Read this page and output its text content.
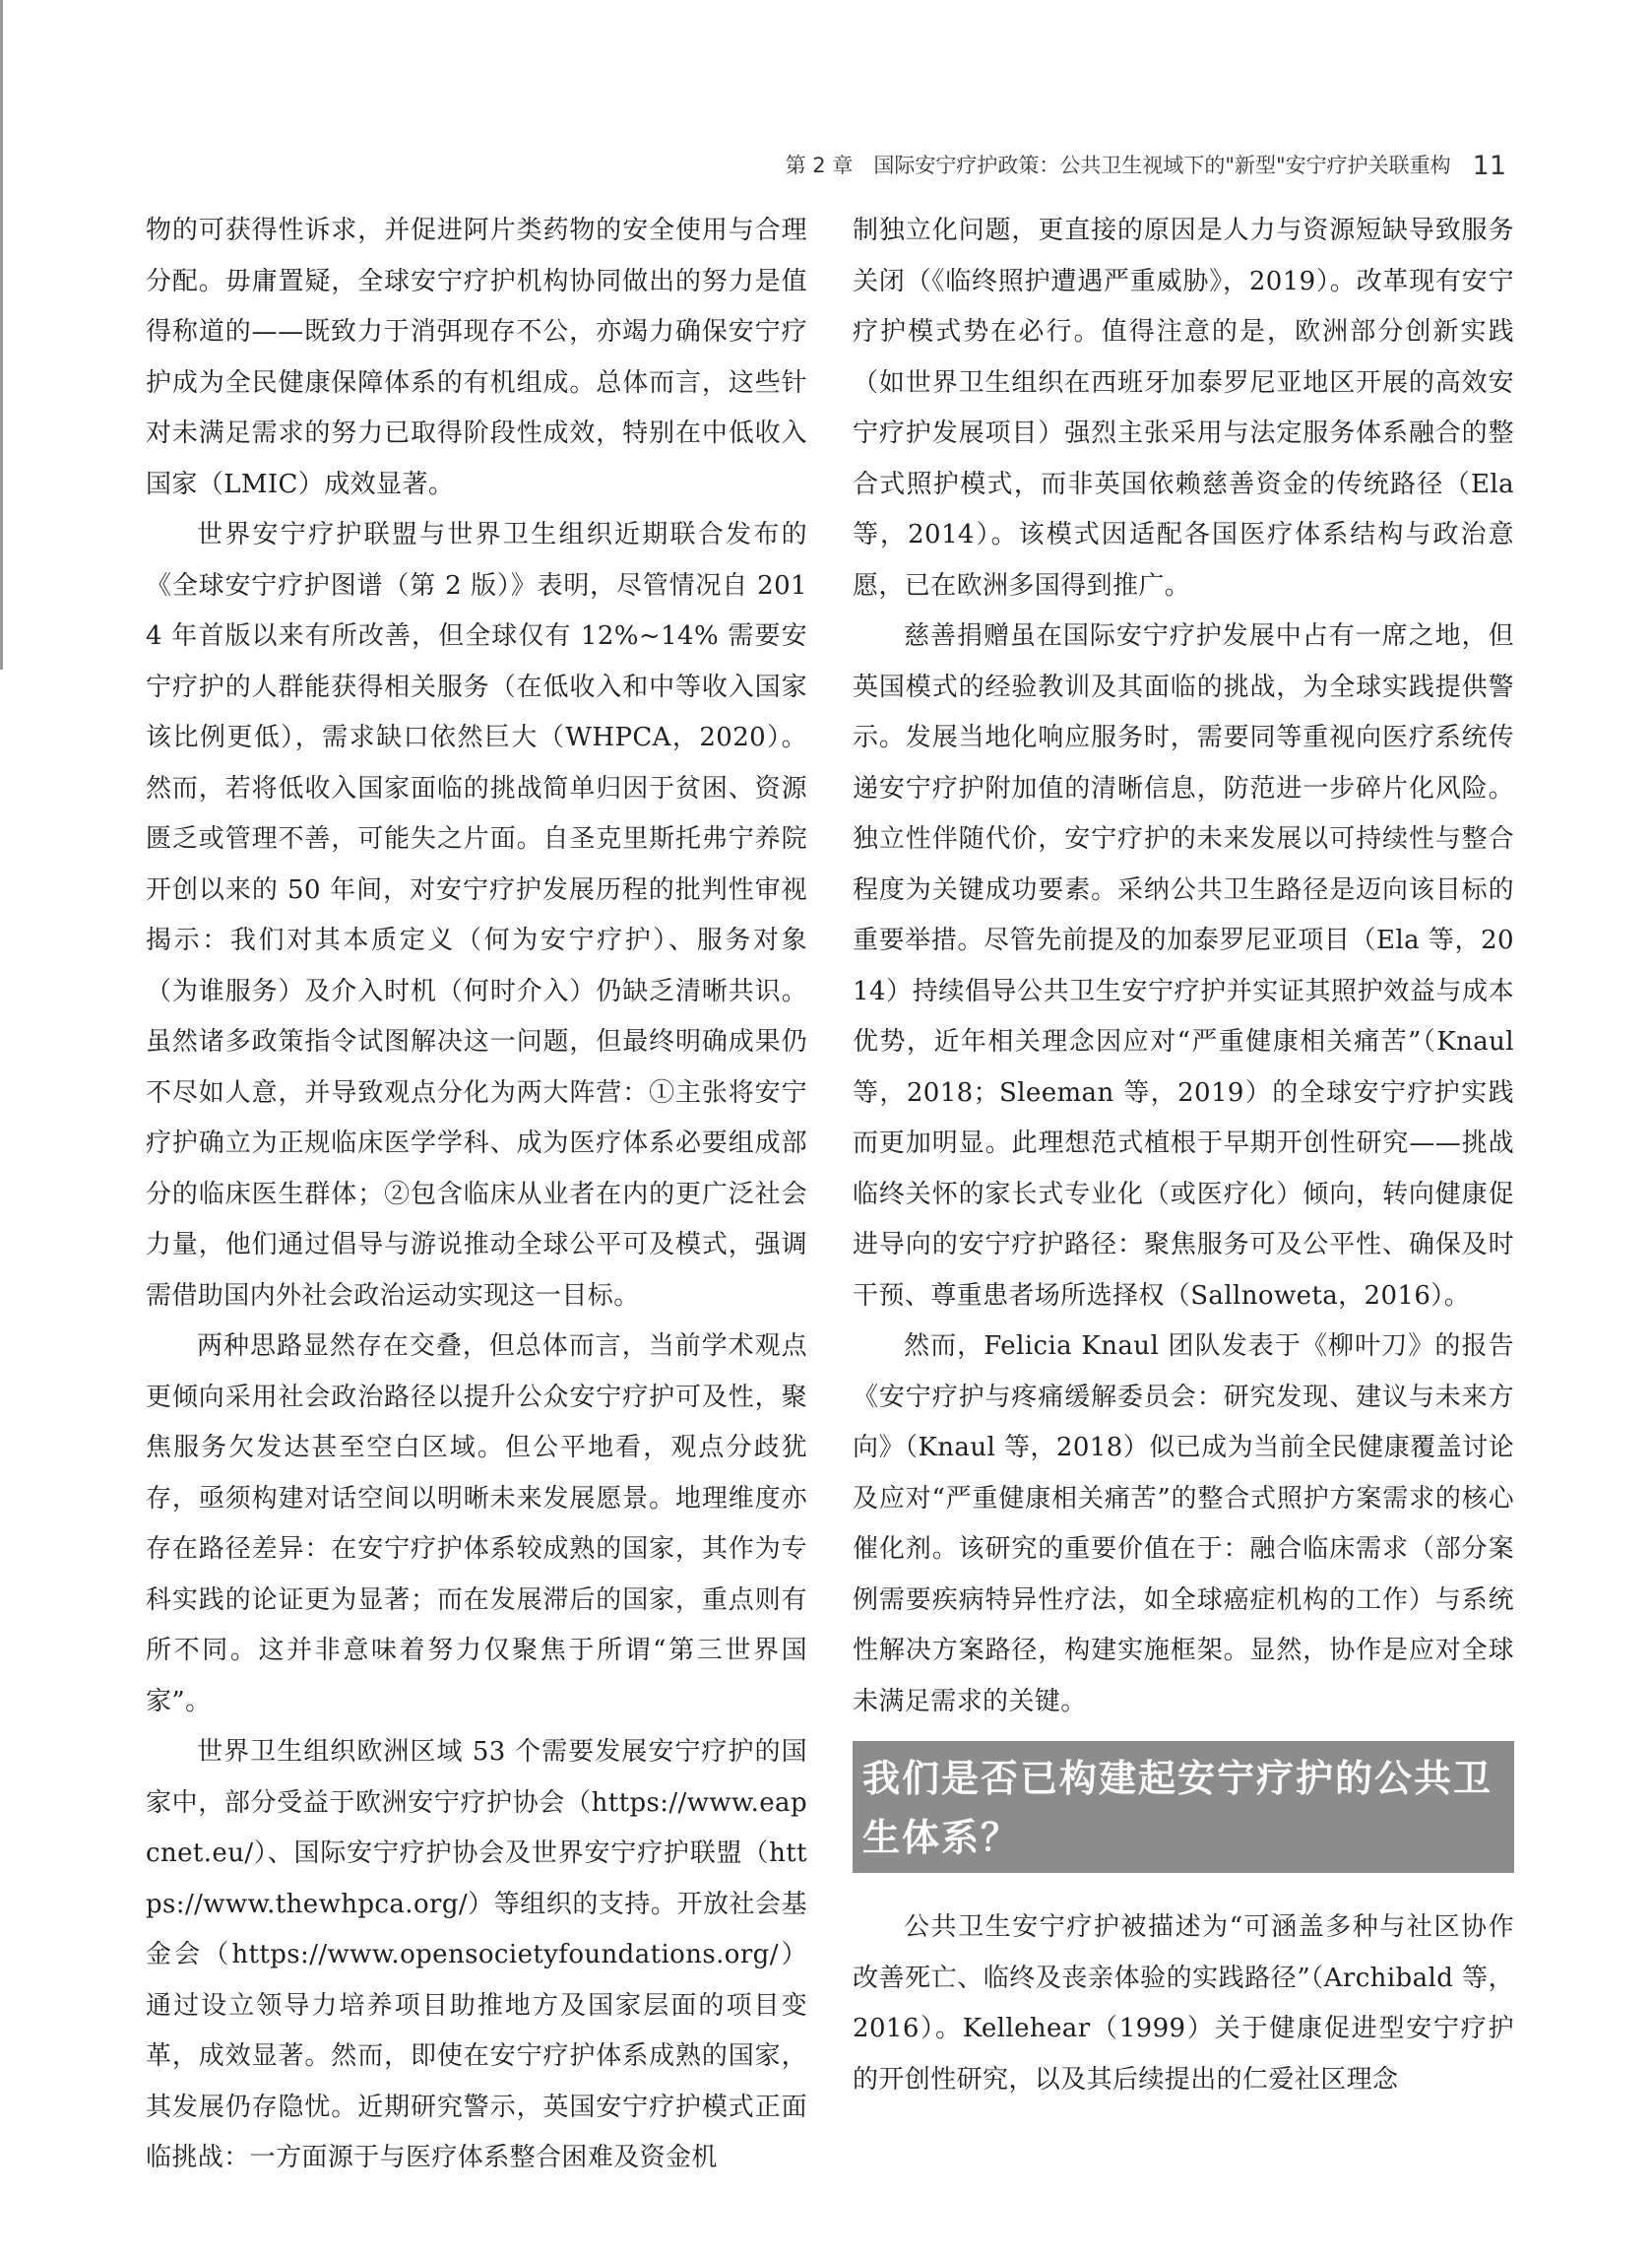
第 2 章　国际安宁疗护政策：公共卫生视域下的"新型"安宁疗护关联重构 11

物的可获得性诉求，并促进阿片类药物的安全使用与合理分配。毋庸置疑，全球安宁疗护机构协同做出的努力是值得称道的——既致力于消弭现存不公，亦竭力确保安宁疗护成为全民健康保障体系的有机组成。总体而言，这些针对未满足需求的努力已取得阶段性成效，特别在中低收入国家（LMIC）成效显著。

世界安宁疗护联盟与世界卫生组织近期联合发布的《全球安宁疗护图谱（第 2 版）》表明，尽管情况自 2014 年首版以来有所改善，但全球仅有 12%~14% 需要安宁疗护的人群能获得相关服务（在低收入和中等收入国家该比例更低），需求缺口依然巨大（WHPCA，2020）。然而，若将低收入国家面临的挑战简单归因于贫困、资源匮乏或管理不善，可能失之片面。自圣克里斯托弗宁养院开创以来的 50 年间，对安宁疗护发展历程的批判性审视揭示：我们对其本质定义（何为安宁疗护）、服务对象（为谁服务）及介入时机（何时介入）仍缺乏清晰共识。虽然诸多政策指令试图解决这一问题，但最终明确成果仍不尽如人意，并导致观点分化为两大阵营：①主张将安宁疗护确立为正规临床医学学科、成为医疗体系必要组成部分的临床医生群体；②包含临床从业者在内的更广泛社会力量，他们通过倡导与游说推动全球公平可及模式，强调需借助国内外社会政治运动实现这一目标。

两种思路显然存在交叠，但总体而言，当前学术观点更倾向采用社会政治路径以提升公众安宁疗护可及性，聚焦服务欠发达甚至空白区域。但公平地看，观点分歧犹存，亟须构建对话空间以明晰未来发展愿景。地理维度亦存在路径差异：在安宁疗护体系较成熟的国家，其作为专科实践的论证更为显著；而在发展滞后的国家，重点则有所不同。这并非意味着努力仅聚焦于所谓“第三世界国家”。

世界卫生组织欧洲区域 53 个需要发展安宁疗护的国家中，部分受益于欧洲安宁疗护协会（https://www.eapcnet.eu/）、国际安宁疗护协会及世界安宁疗护联盟（https://www.thewhpca.org/）等组织的支持。开放社会基金会（https://www.opensocietyfoundations.org/）通过设立领导力培养项目助推地方及国家层面的项目变革，成效显著。然而，即使在安宁疗护体系成熟的国家，其发展仍存隐忧。近期研究警示，英国安宁疗护模式正面临挑战：一方面源于与医疗体系整合困难及资金机

制独立化问题，更直接的原因是人力与资源短缺导致服务关闭（《临终照护遭遇严重威胁》，2019）。改革现有安宁疗护模式势在必行。值得注意的是，欧洲部分创新实践（如世界卫生组织在西班牙加泰罗尼亚地区开展的高效安宁疗护发展项目）强烈主张采用与法定服务体系融合的整合式照护模式，而非英国依赖慈善资金的传统路径（Ela 等，2014）。该模式因适配各国医疗体系结构与政治意愿，已在欧洲多国得到推广。

慈善捐赠虽在国际安宁疗护发展中占有一席之地，但英国模式的经验教训及其面临的挑战，为全球实践提供警示。发展当地化响应服务时，需要同等重视向医疗系统传递安宁疗护附加值的清晰信息，防范进一步碎片化风险。独立性伴随代价，安宁疗护的未来发展以可持续性与整合程度为关键成功要素。采纳公共卫生路径是迈向该目标的重要举措。尽管先前提及的加泰罗尼亚项目（Ela 等，2014）持续倡导公共卫生安宁疗护并实证其照护效益与成本优势，近年相关理念因应对“严重健康相关痛苦”（Knaul 等，2018；Sleeman 等，2019）的全球安宁疗护实践而更加明显。此理想范式植根于早期开创性研究——挑战临终关怀的家长式专业化（或医疗化）倾向，转向健康促进导向的安宁疗护路径：聚焦服务可及公平性、确保及时干预、尊重患者场所选择权（Sallnoweta，2016）。

然而，Felicia Knaul 团队发表于《柳叶刀》的报告《安宁疗护与疼痛缓解委员会：研究发现、建议与未来方向》（Knaul 等，2018）似已成为当前全民健康覆盖讨论及应对“严重健康相关痛苦”的整合式照护方案需求的核心催化剂。该研究的重要价值在于：融合临床需求（部分案例需要疾病特异性疗法，如全球癌症机构的工作）与系统性解决方案路径，构建实施框架。显然，协作是应对全球未满足需求的关键。

我们是否已构建起安宁疗护的公共卫生体系？

公共卫生安宁疗护被描述为“可涵盖多种与社区协作改善死亡、临终及丧亲体验的实践路径”（Archibald 等，2016）。Kellehear（1999）关于健康促进型安宁疗护的开创性研究，以及其后续提出的仁爱社区理念
